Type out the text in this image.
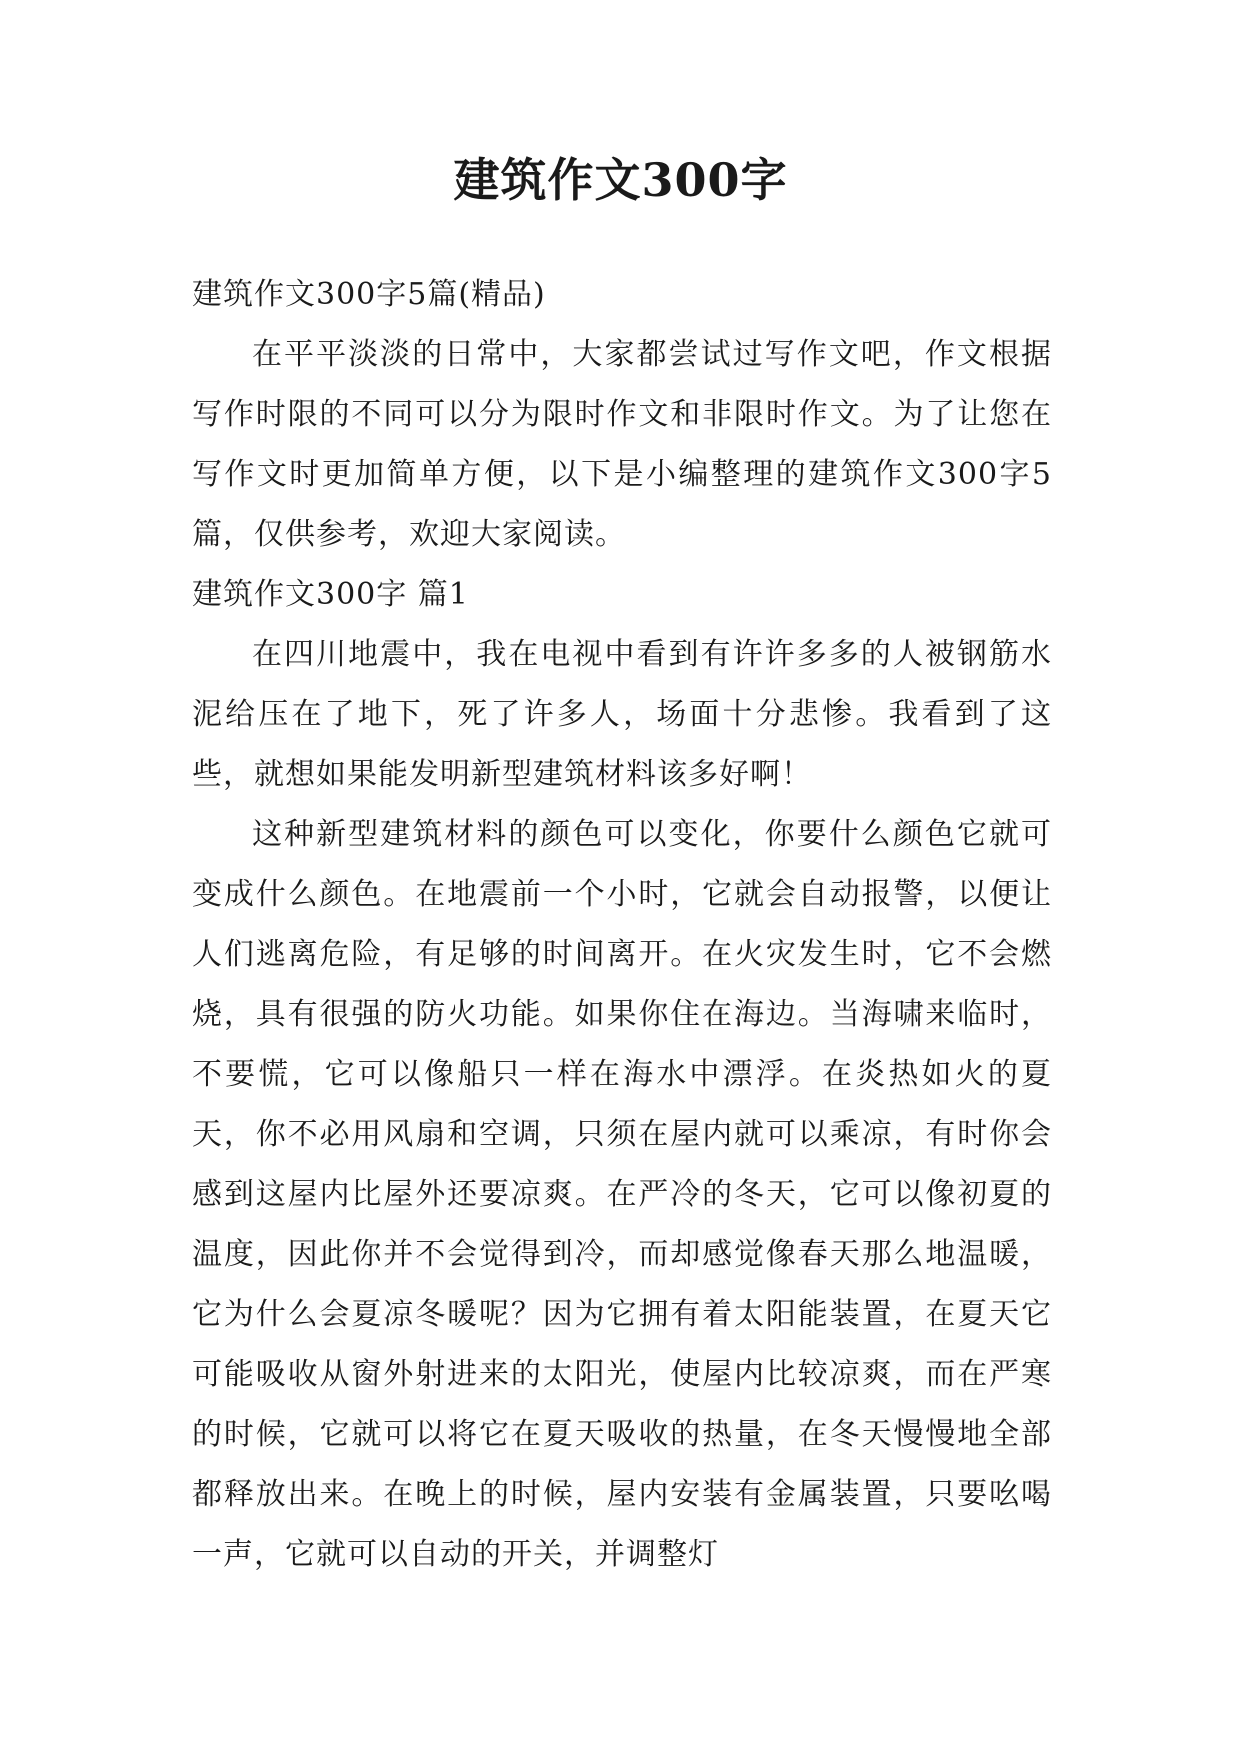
建筑作文300字

建筑作文300字5篇(精品)

在平平淡淡的日常中，大家都尝试过写作文吧，作文根据写作时限的不同可以分为限时作文和非限时作文。为了让您在写作文时更加简单方便，以下是小编整理的建筑作文300字5篇，仅供参考，欢迎大家阅读。

建筑作文300字 篇1

在四川地震中，我在电视中看到有许许多多的人被钢筋水泥给压在了地下，死了许多人，场面十分悲惨。我看到了这些，就想如果能发明新型建筑材料该多好啊！

这种新型建筑材料的颜色可以变化，你要什么颜色它就可变成什么颜色。在地震前一个小时，它就会自动报警，以便让人们逃离危险，有足够的时间离开。在火灾发生时，它不会燃烧，具有很强的防火功能。如果你住在海边。当海啸来临时，不要慌，它可以像船只一样在海水中漂浮。在炎热如火的夏天，你不必用风扇和空调，只须在屋内就可以乘凉，有时你会感到这屋内比屋外还要凉爽。在严冷的冬天，它可以像初夏的温度，因此你并不会觉得到冷，而却感觉像春天那么地温暖，它为什么会夏凉冬暖呢？因为它拥有着太阳能装置，在夏天它可能吸收从窗外射进来的太阳光，使屋内比较凉爽，而在严寒的时候，它就可以将它在夏天吸收的热量，在冬天慢慢地全部都释放出来。在晚上的时候，屋内安装有金属装置，只要吆喝一声，它就可以自动的开关，并调整灯
